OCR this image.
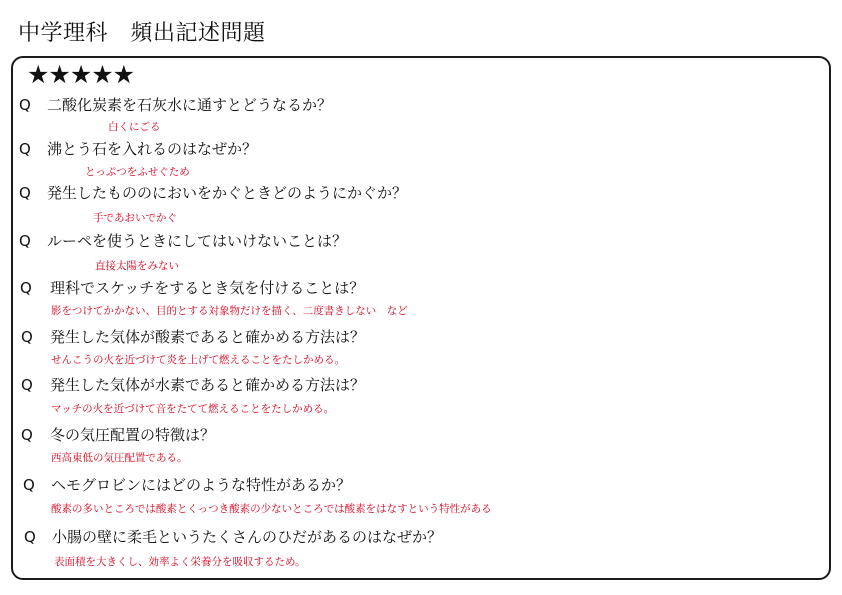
中学理科　頻出記述問題
★★★★★
Q 二酸化炭素を石灰水に通すとどうなるか？
白くにごる
Q 沸とう石を入れるのはなぜか？
とっぷつをふせぐため
Q 発生したもののにおいをかぐときどのようにかぐか？
手であおいでかぐ
Q ルーペを使うときにしてはいけないことは？
直接太陽をみない
Q 理科でスケッチをするとき気を付けることは？
影をつけてかかない、目的とする対象物だけを描く、二度書きしない　など
Q 発生した気体が酸素であると確かめる方法は？
せんこうの火を近づけて炎を上げて燃えることをたしかめる。
Q 発生した気体が水素であると確かめる方法は？
マッチの火を近づけて音をたてて燃えることをたしかめる。
Q 冬の気圧配置の特徴は？
西高東低の気圧配置である。
Q ヘモグロビンにはどのような特性があるか？
酸素の多いところでは酸素とくっつき酸素の少ないところでは酸素をはなすという特性がある
Q 小腸の壁に柔毛というたくさんのひだがあるのはなぜか？
表面積を大きくし、効率よく栄養分を吸収するため。
